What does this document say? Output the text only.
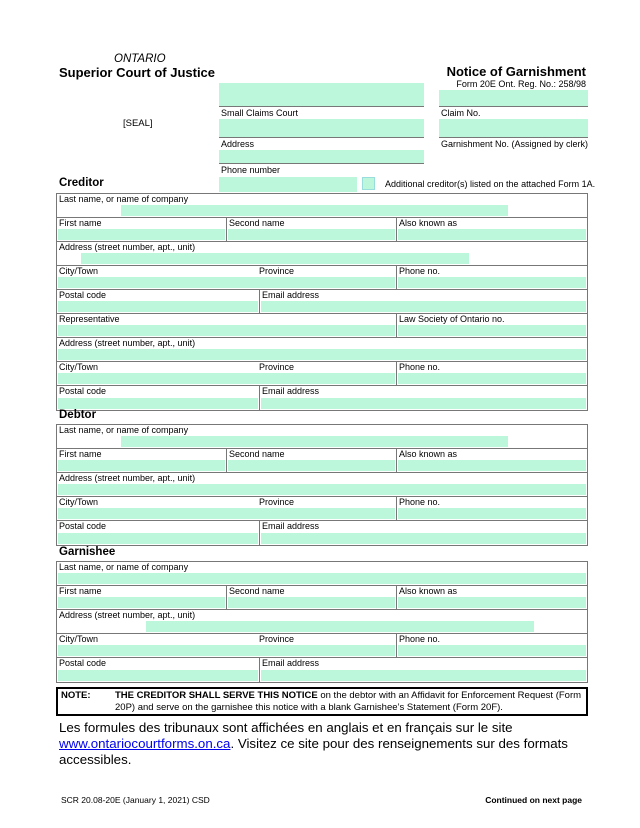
ONTARIO
Superior Court of Justice	Notice of Garnishment
Form 20E Ont. Reg. No.: 258/98
[SEAL]
Small Claims Court
Address
Phone number
Claim No.
Garnishment No. (Assigned by clerk)
Creditor	Additional creditor(s) listed on the attached Form 1A.
Last name, or name of company
First name	Second name	Also known as
Address (street number, apt., unit)
City/Town	Province	Phone no.
Postal code	Email address
Representative	Law Society of Ontario no.
Address (street number, apt., unit)
City/Town	Province	Phone no.
Postal code	Email address
Debtor
Last name, or name of company
First name	Second name	Also known as
Address (street number, apt., unit)
City/Town	Province	Phone no.
Postal code	Email address
Garnishee
Last name, or name of company
First name	Second name	Also known as
Address (street number, apt., unit)
City/Town	Province	Phone no.
Postal code	Email address
NOTE:	THE CREDITOR SHALL SERVE THIS NOTICE on the debtor with an Affidavit for Enforcement Request (Form 20P) and serve on the garnishee this notice with a blank Garnishee’s Statement (Form 20F).
Les formules des tribunaux sont affichées en anglais et en français sur le site
www.ontariocourtforms.on.ca. Visitez ce site pour des renseignements sur des formats accessibles.
SCR 20.08-20E (January 1, 2021) CSD	Continued on next page
